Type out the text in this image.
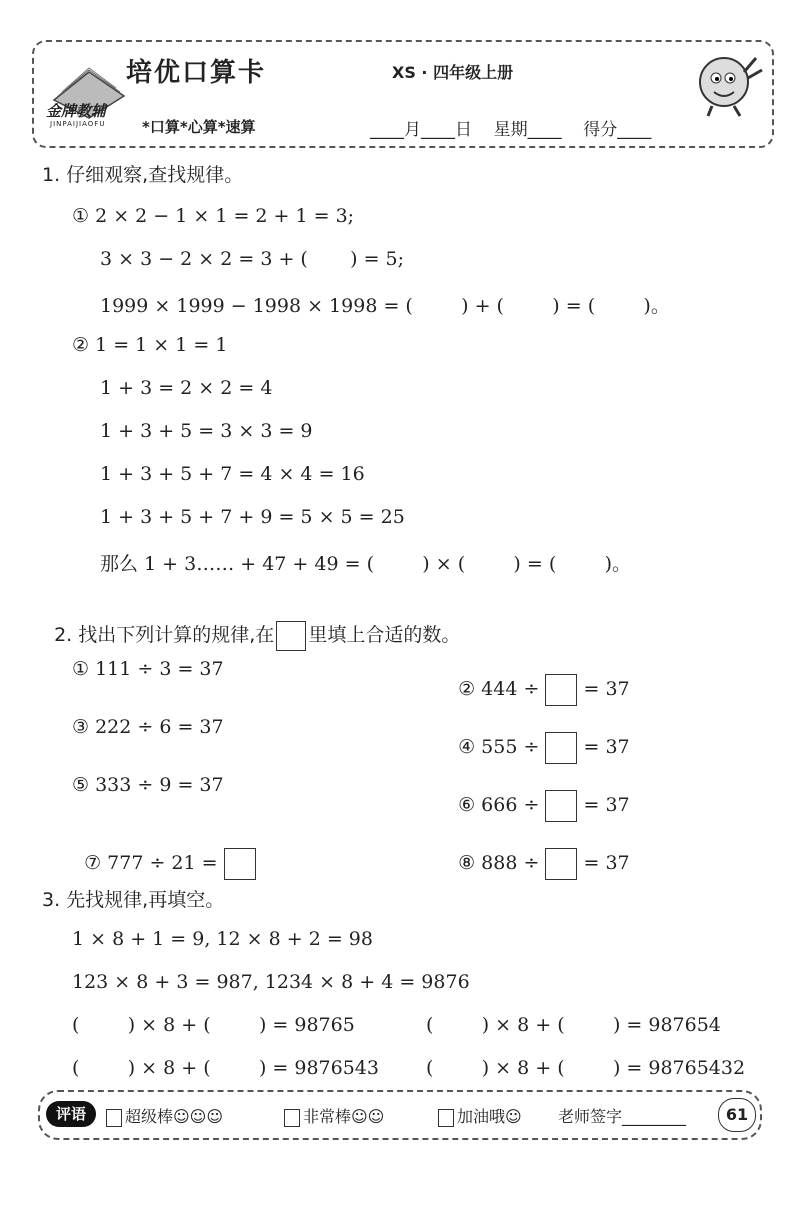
金牌教辅
JINPAIJIAOFU
培优口算卡	XS · 四年级上册
*口算*心算*速算	____月____日    星期____    得分____
1. 仔细观察,查找规律。
① 2 × 2 − 1 × 1 = 2 + 1 = 3;
3 × 3 − 2 × 2 = 3 + (       ) = 5;
1999 × 1999 − 1998 × 1998 = (        ) + (        ) = (        )。
② 1 = 1 × 1 = 1
1 + 3 = 2 × 2 = 4
1 + 3 + 5 = 3 × 3 = 9
1 + 3 + 5 + 7 = 4 × 4 = 16
1 + 3 + 5 + 7 + 9 = 5 × 5 = 25
那么 1 + 3…… + 47 + 49 = (        ) × (        ) = (        )。

2. 找出下列计算的规律,在 里填上合适的数。

① 111 ÷ 3 = 37

② 444 ÷ = 37

③ 222 ÷ 6 = 37

④ 555 ÷ = 37

⑤ 333 ÷ 9 = 37

⑥ 666 ÷ = 37

⑦ 777 ÷ 21 =	⑧ 888 ÷ = 37

3. 先找规律,再填空。
1 × 8 + 1 = 9, 12 × 8 + 2 = 98
123 × 8 + 3 = 987, 1234 × 8 + 4 = 9876
(        ) × 8 + (        ) = 98765	(        ) × 8 + (        ) = 987654
(        ) × 8 + (        ) = 9876543 (        ) × 8 + (        ) = 98765432
评语	超级棒☺☺☺	非常棒☺☺	加油哦☺ 老师签字________	61
